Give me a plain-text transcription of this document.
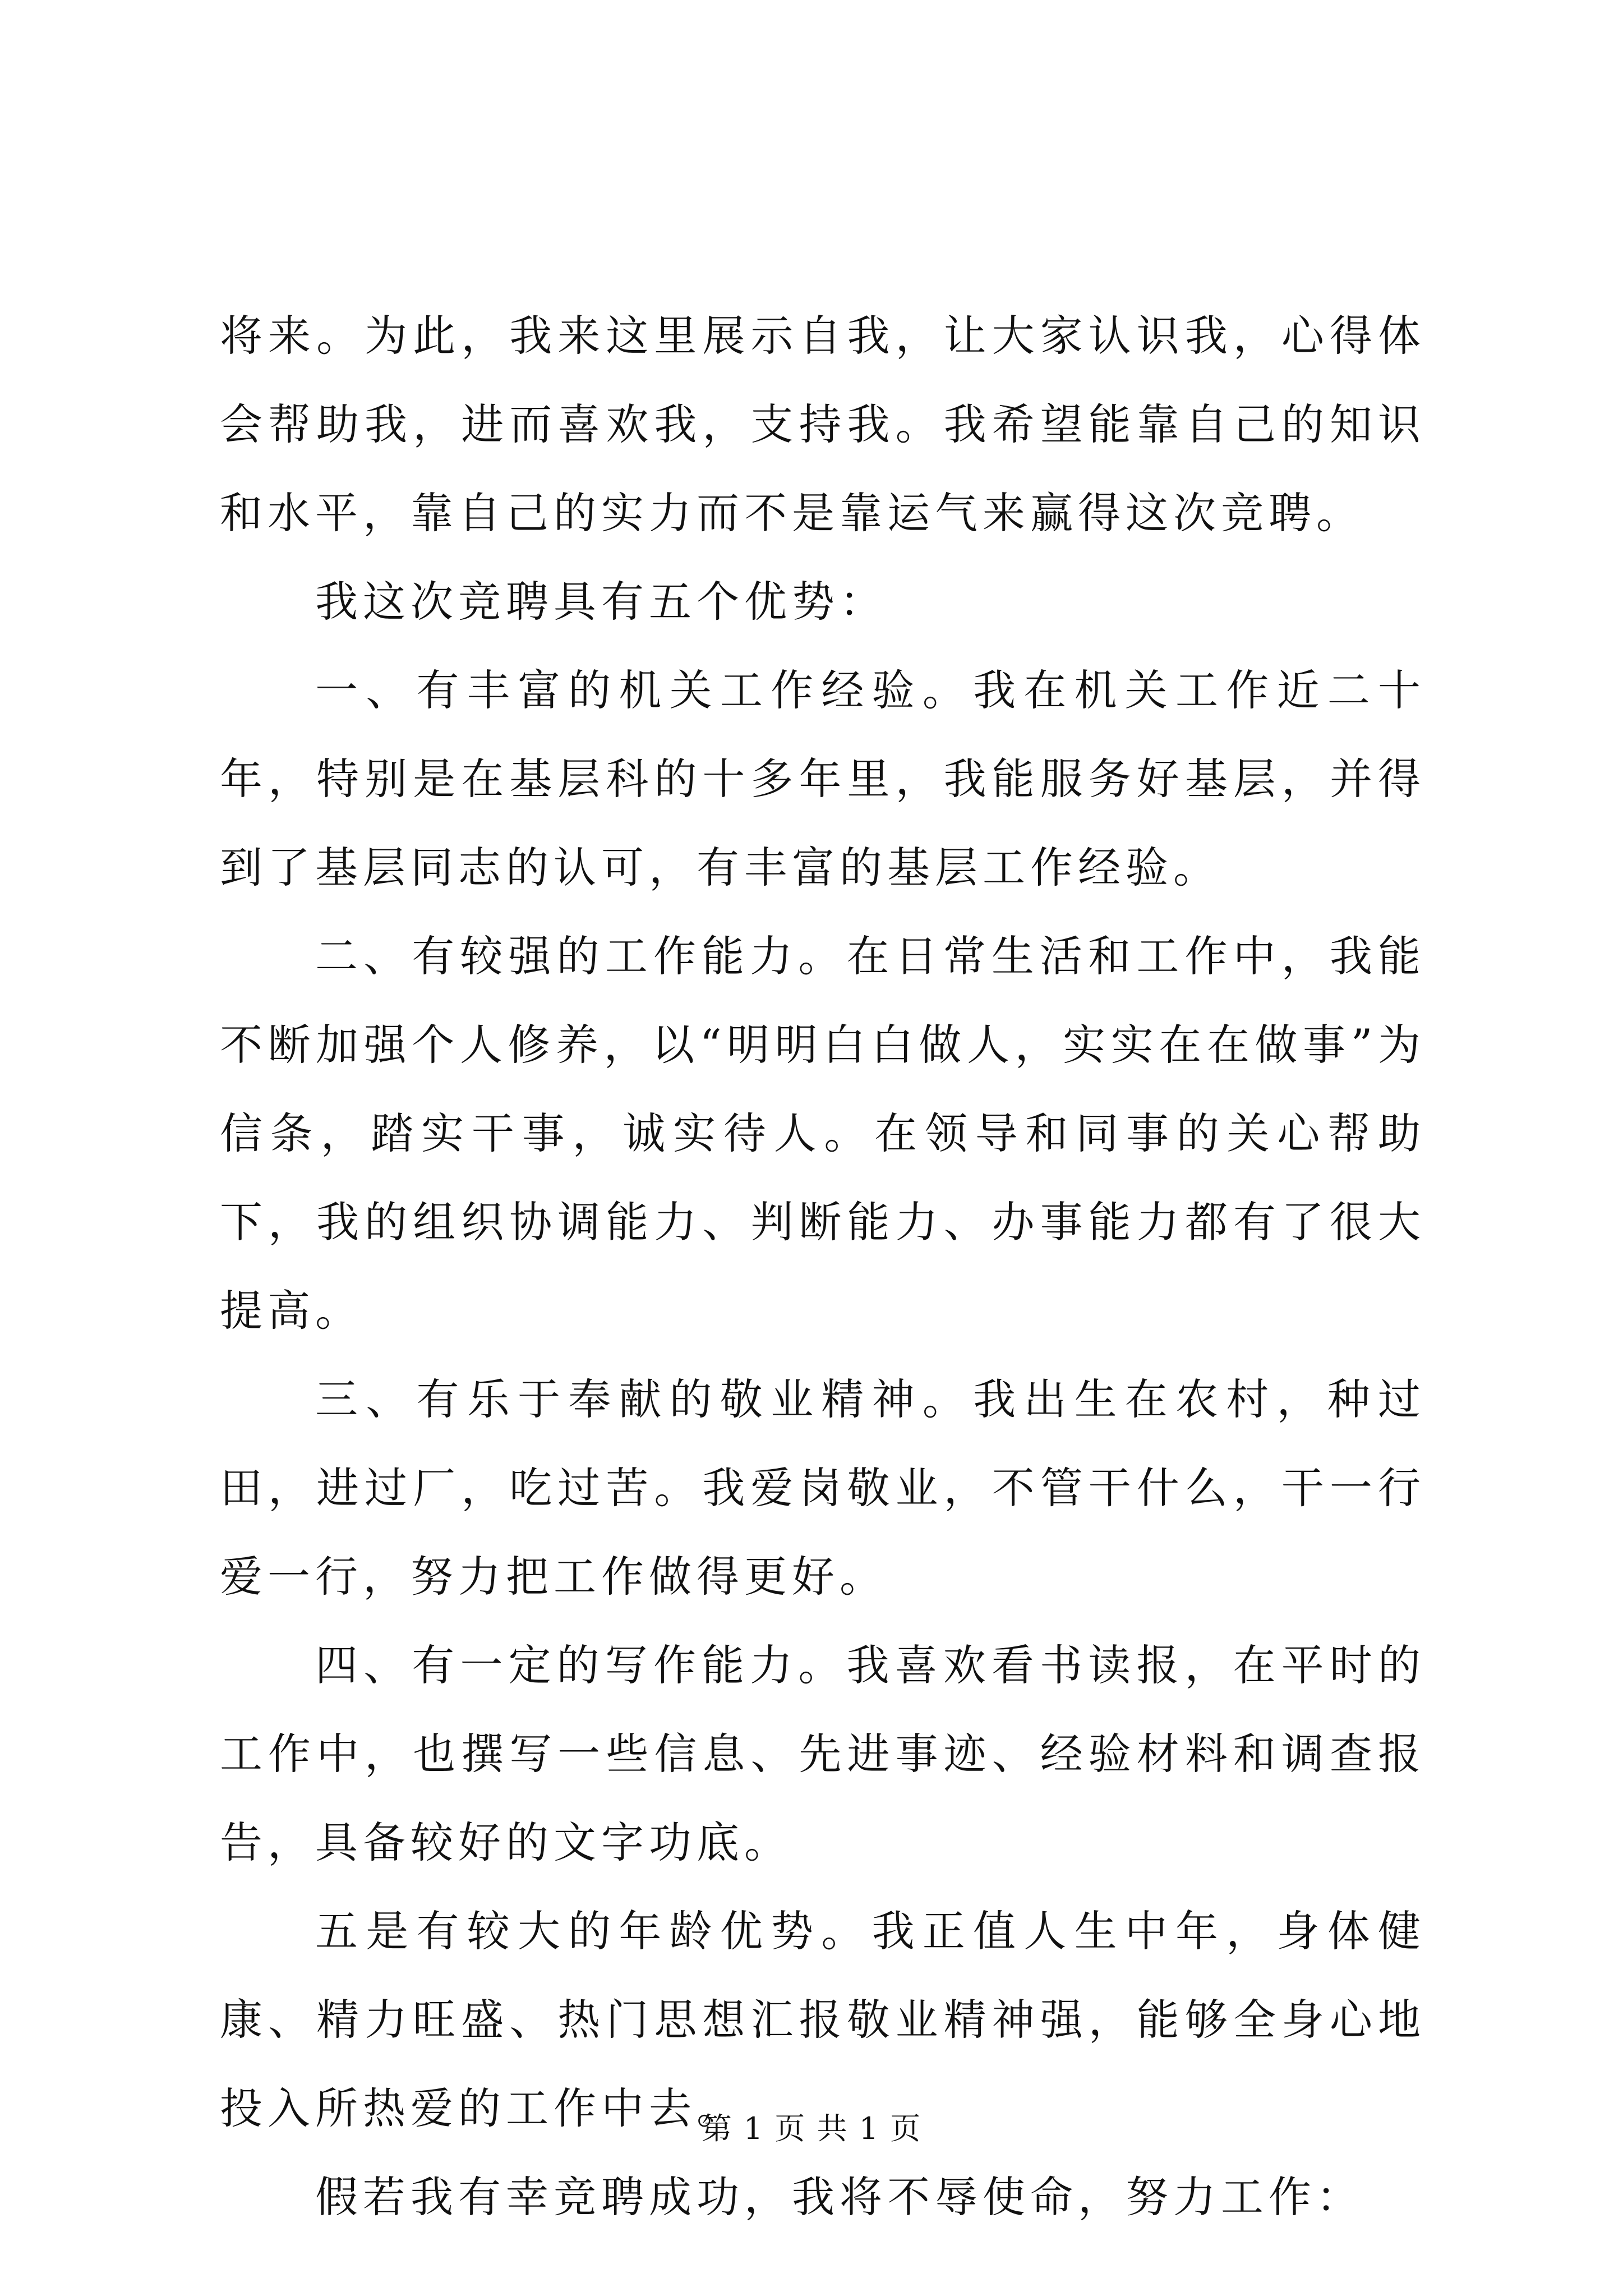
将来。为此，我来这里展示自我，让大家认识我，心得体会帮助我，进而喜欢我，支持我。我希望能靠自己的知识和水平，靠自己的实力而不是靠运气来赢得这次竞聘。

我这次竞聘具有五个优势：

一、有丰富的机关工作经验。我在机关工作近二十年，特别是在基层科的十多年里，我能服务好基层，并得到了基层同志的认可，有丰富的基层工作经验。

二、有较强的工作能力。在日常生活和工作中，我能不断加强个人修养，以“明明白白做人，实实在在做事”为信条，踏实干事，诚实待人。在领导和同事的关心帮助下，我的组织协调能力、判断能力、办事能力都有了很大提高。

三、有乐于奉献的敬业精神。我出生在农村，种过田，进过厂，吃过苦。我爱岗敬业，不管干什么，干一行爱一行，努力把工作做得更好。

四、有一定的写作能力。我喜欢看书读报，在平时的工作中，也撰写一些信息、先进事迹、经验材料和调查报告，具备较好的文字功底。

五是有较大的年龄优势。我正值人生中年，身体健康、精力旺盛、热门思想汇报敬业精神强，能够全身心地投入所热爱的工作中去。

假若我有幸竞聘成功，我将不辱使命，努力工作：

第 1 页 共 1 页
